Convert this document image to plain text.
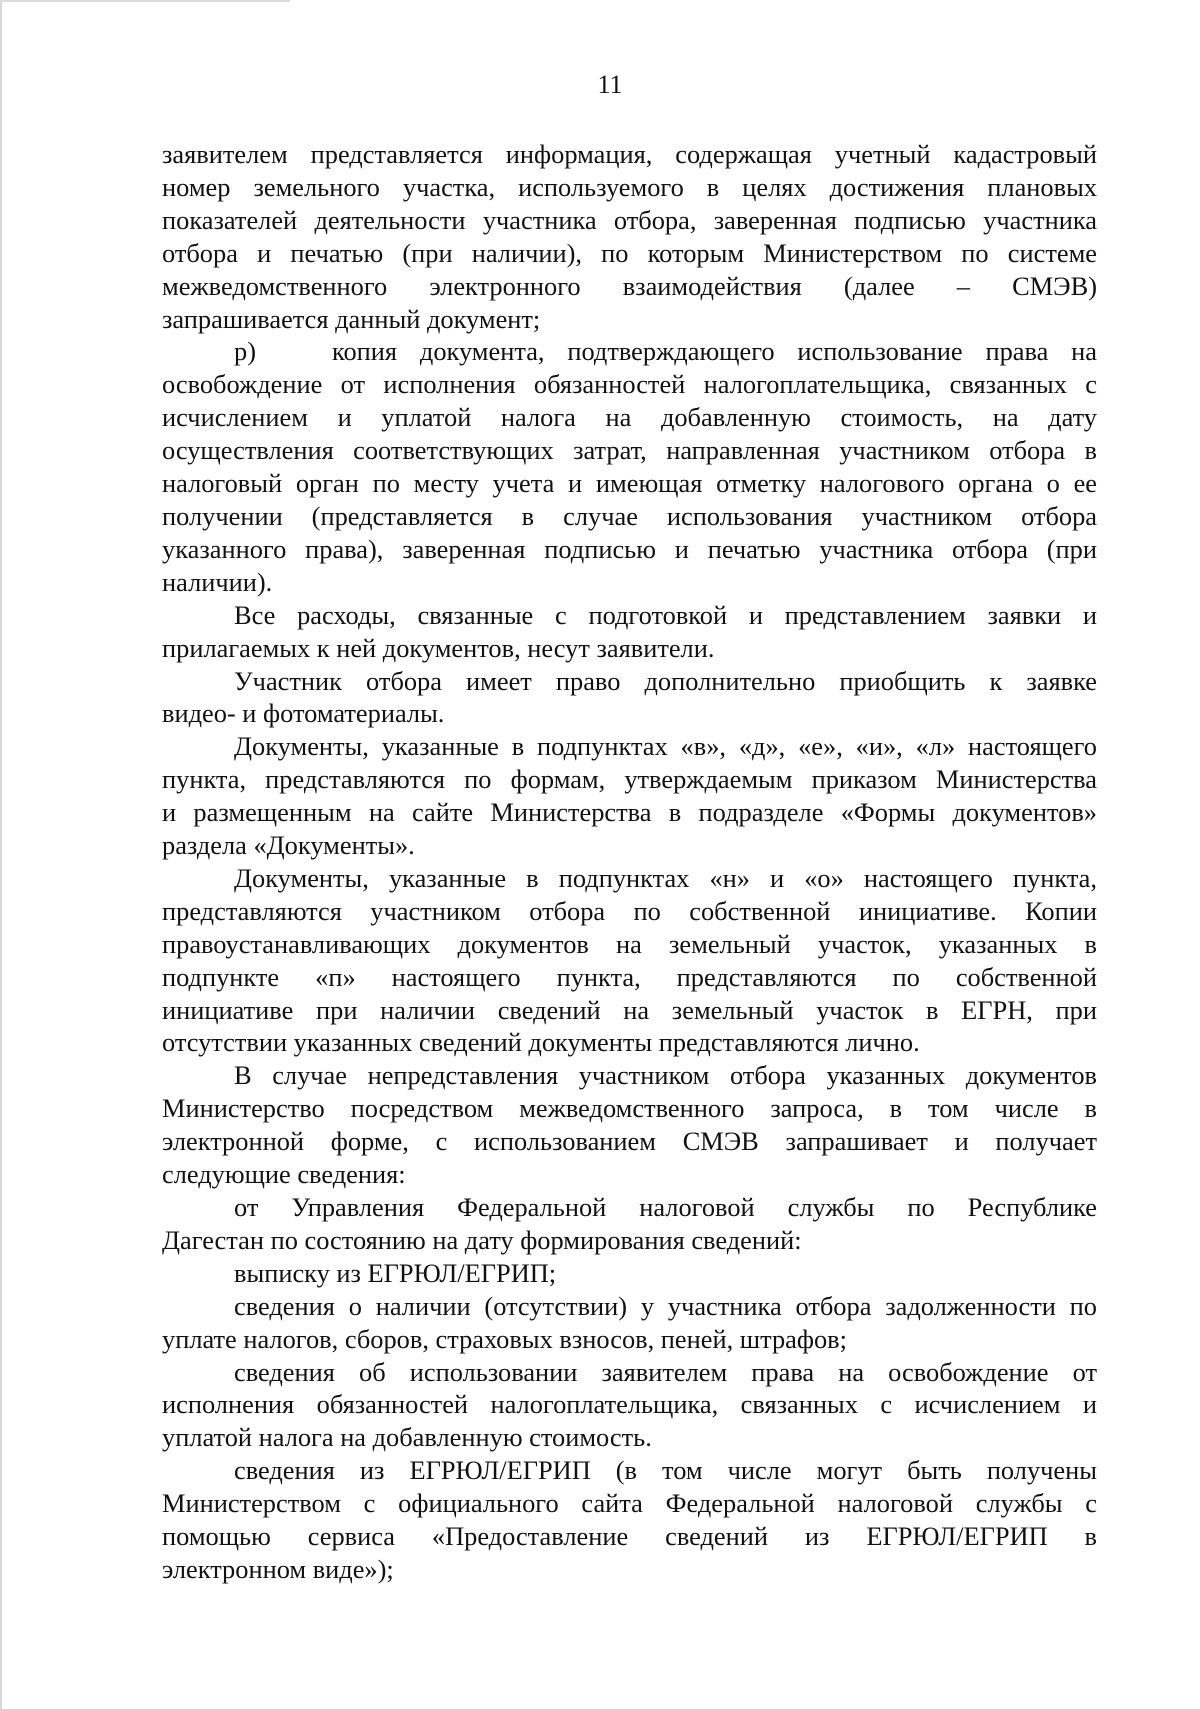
11
заявителем представляется информация, содержащая учетный кадастровый
номер земельного участка, используемого в целях достижения плановых
показателей деятельности участника отбора, заверенная подписью участника
отбора и печатью (при наличии), по которым Министерством по системе
межведомственного электронного взаимодействия (далее – СМЭВ)
запрашивается данный документ;
р)	копия документа, подтверждающего использование права на
освобождение от исполнения обязанностей налогоплательщика, связанных с
исчислением и уплатой налога на добавленную стоимость, на дату
осуществления соответствующих затрат, направленная участником отбора в
налоговый орган по месту учета и имеющая отметку налогового органа о ее
получении (представляется в случае использования участником отбора
указанного права), заверенная подписью и печатью участника отбора (при
наличии).
Все расходы, связанные с подготовкой и представлением заявки и
прилагаемых к ней документов, несут заявители.
Участник отбора имеет право дополнительно приобщить к заявке
видео- и фотоматериалы.
Документы, указанные в подпунктах «в», «д», «е», «и», «л» настоящего
пункта, представляются по формам, утверждаемым приказом Министерства
и размещенным на сайте Министерства в подразделе «Формы документов»
раздела «Документы».
Документы, указанные в подпунктах «н» и «о» настоящего пункта,
представляются участником отбора по собственной инициативе. Копии
правоустанавливающих документов на земельный участок, указанных в
подпункте «п» настоящего пункта, представляются по собственной
инициативе при наличии сведений на земельный участок в ЕГРН, при
отсутствии указанных сведений документы представляются лично.
В случае непредставления участником отбора указанных документов
Министерство посредством межведомственного запроса, в том числе в
электронной форме, с использованием СМЭВ запрашивает и получает
следующие сведения:
от Управления Федеральной налоговой службы по Республике
Дагестан по состоянию на дату формирования сведений:
выписку из ЕГРЮЛ/ЕГРИП;
сведения о наличии (отсутствии) у участника отбора задолженности по
уплате налогов, сборов, страховых взносов, пеней, штрафов;
сведения об использовании заявителем права на освобождение от
исполнения обязанностей налогоплательщика, связанных с исчислением и
уплатой налога на добавленную стоимость.
сведения из ЕГРЮЛ/ЕГРИП (в том числе могут быть получены
Министерством с официального сайта Федеральной налоговой службы с
помощью сервиса «Предоставление сведений из ЕГРЮЛ/ЕГРИП в
электронном виде»);
